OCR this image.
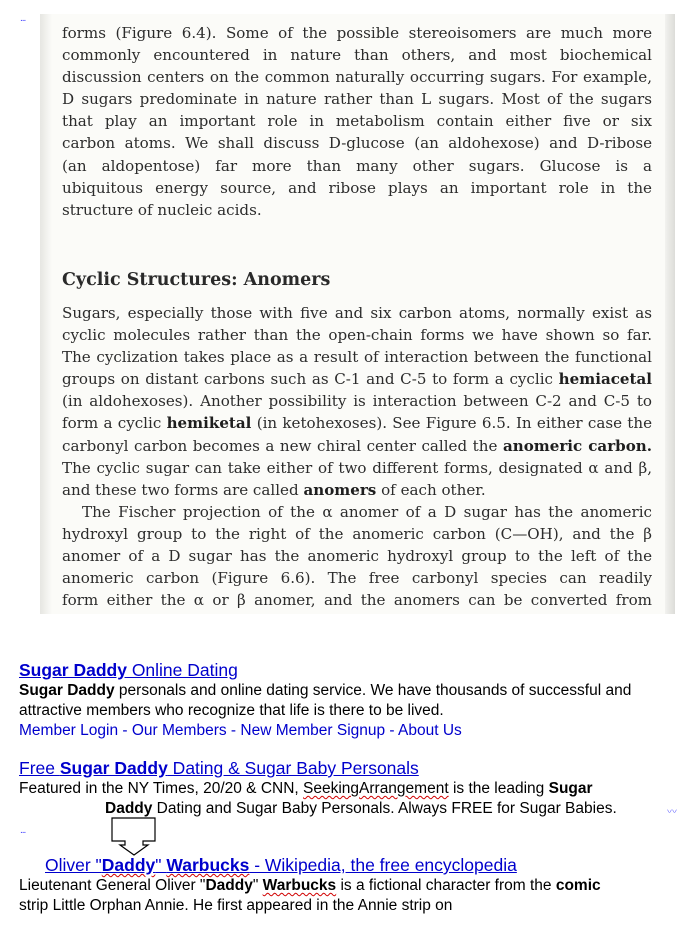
...
forms (Figure 6.4). Some of the possible stereoisomers are much more
commonly encountered in nature than others, and most biochemical
discussion centers on the common naturally occurring sugars. For example,
D sugars predominate in nature rather than L sugars. Most of the sugars
that play an important role in metabolism contain either five or six
carbon atoms. We shall discuss D-glucose (an aldohexose) and D-ribose
(an aldopentose) far more than many other sugars. Glucose is a
ubiquitous energy source, and ribose plays an important role in the
structure of nucleic acids.
Cyclic Structures: Anomers
Sugars, especially those with five and six carbon atoms, normally exist as
cyclic molecules rather than the open-chain forms we have shown so far.
The cyclization takes place as a result of interaction between the functional
groups on distant carbons such as C-1 and C-5 to form a cyclic hemiacetal
(in aldohexoses). Another possibility is interaction between C-2 and C-5 to
form a cyclic hemiketal (in ketohexoses). See Figure 6.5. In either case the
carbonyl carbon becomes a new chiral center called the anomeric carbon.
The cyclic sugar can take either of two different forms, designated α and β,
and these two forms are called anomers of each other.
The Fischer projection of the α anomer of a D sugar has the anomeric
hydroxyl group to the right of the anomeric carbon (C—OH), and the β
anomer of a D sugar has the anomeric hydroxyl group to the left of the
anomeric carbon (Figure 6.6). The free carbonyl species can readily
form either the α or β anomer, and the anomers can be converted from
Sugar Daddy Online Dating
Sugar Daddy personals and online dating service. We have thousands of successful and attractive members who recognize that life is there to be lived.
Member Login - Our Members - New Member Signup - About Us
Free Sugar Daddy Dating & Sugar Baby Personals
Featured in the NY Times, 20/20 & CNN, SeekingArrangement is the leading Sugar
Daddy Dating and Sugar Baby Personals. Always FREE for Sugar Babies.	〰
...
Oliver "Daddy" Warbucks - Wikipedia, the free encyclopedia
Lieutenant General Oliver "Daddy" Warbucks is a fictional character from the comic
strip Little Orphan Annie. He first appeared in the Annie strip on
